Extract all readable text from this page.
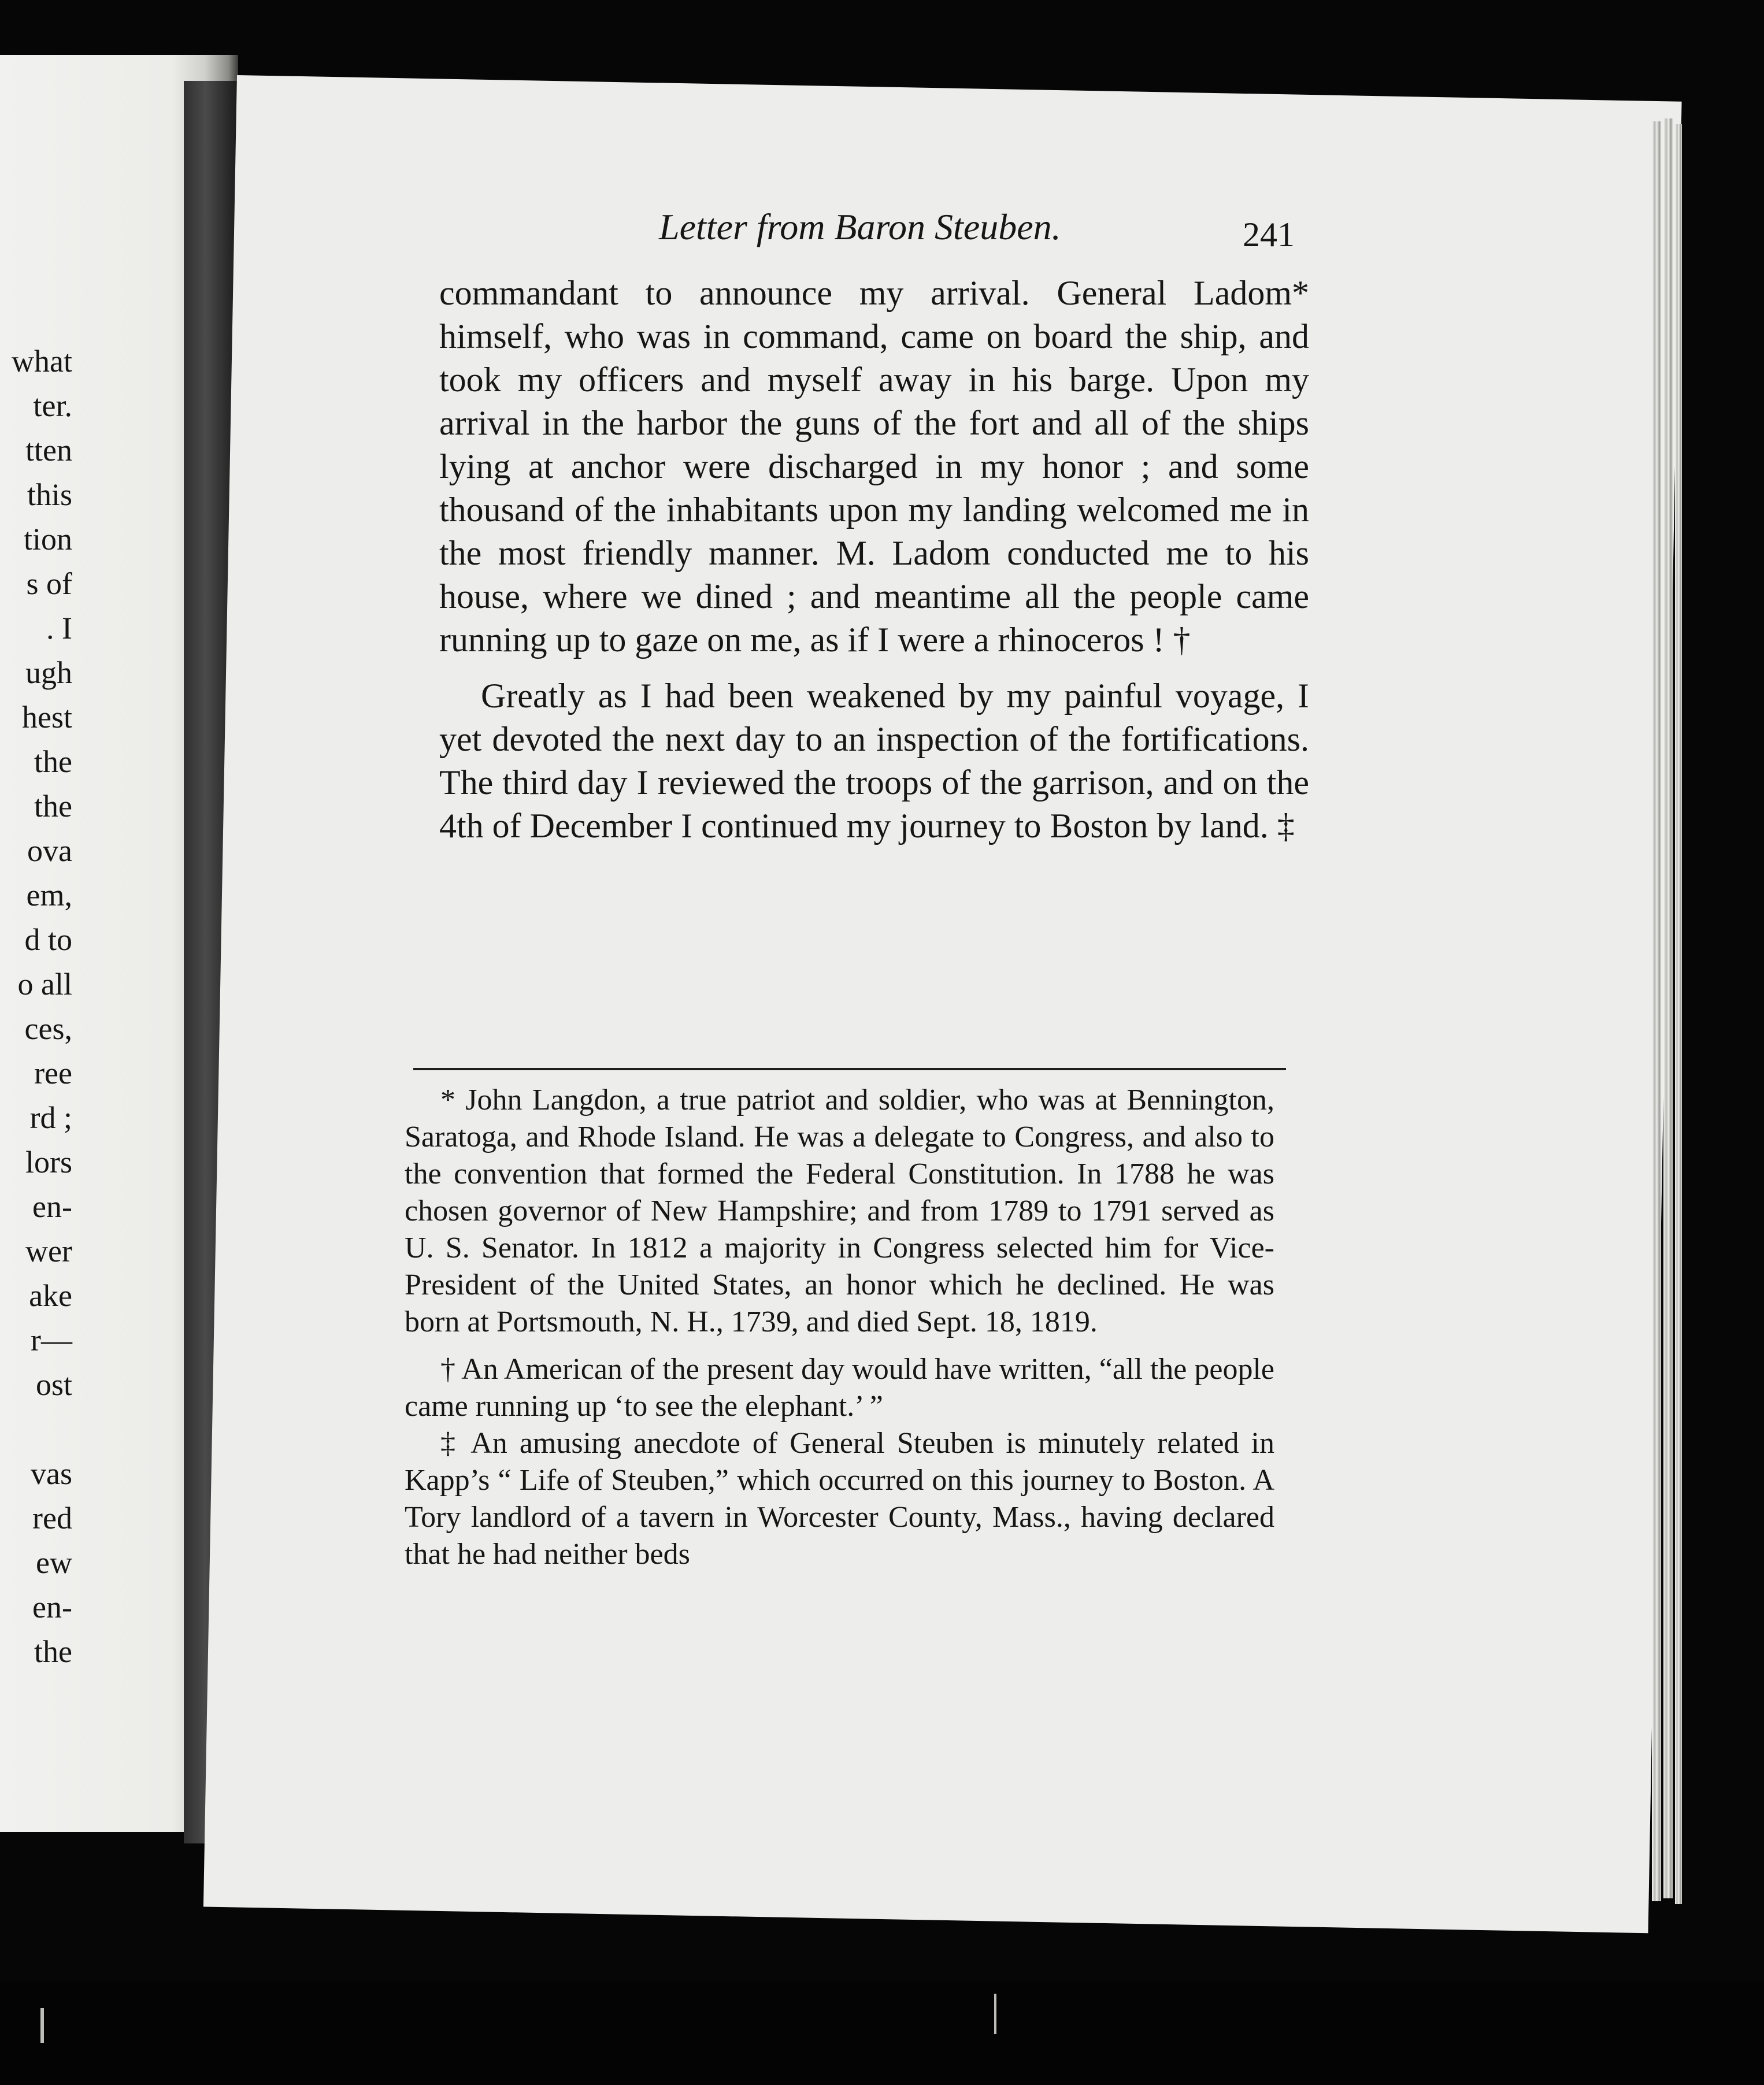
what
ter.
tten
this
tion
s of
. I
ugh
hest
the
the
ova
em,
d to
o all
ces,
ree
rd ;
lors
en-
wer
ake
r—
ost
vas
red
ew
en-
the
Letter from Baron Steuben.	241

commandant to announce my arrival. General Ladom* himself, who was in command, came on board the ship, and took my officers and myself away in his barge. Upon my arrival in the harbor the guns of the fort and all of the ships lying at anchor were discharged in my honor ; and some thousand of the inhabitants upon my landing welcomed me in the most friendly manner. M. Ladom conducted me to his house, where we dined ; and meantime all the people came running up to gaze on me, as if I were a rhinoceros ! †

Greatly as I had been weakened by my painful voyage, I yet devoted the next day to an inspection of the fortifications. The third day I reviewed the troops of the garrison, and on the 4th of December I continued my journey to Boston by land. ‡

* John Langdon, a true patriot and soldier, who was at Bennington, Saratoga, and Rhode Island. He was a delegate to Congress, and also to the convention that formed the Federal Constitution. In 1788 he was chosen governor of New Hampshire; and from 1789 to 1791 served as U. S. Senator. In 1812 a majority in Congress selected him for Vice-President of the United States, an honor which he declined. He was born at Portsmouth, N. H., 1739, and died Sept. 18, 1819.

† An American of the present day would have written, “all the people came running up ‘to see the elephant.’ ”

‡ An amusing anecdote of General Steuben is minutely related in Kapp’s “ Life of Steuben,” which occurred on this journey to Boston. A Tory landlord of a tavern in Worcester County, Mass., having declared that he had neither beds
